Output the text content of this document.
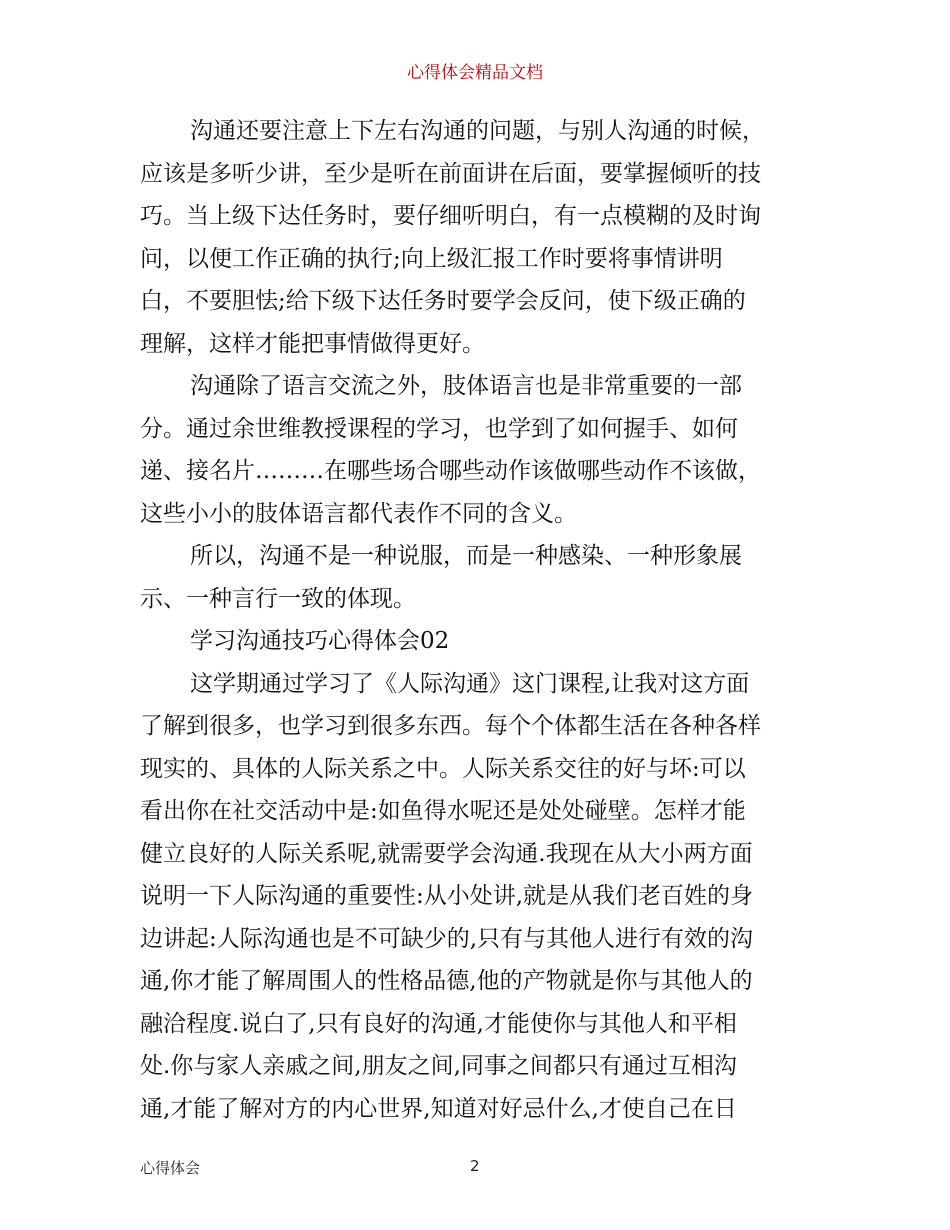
心得体会精品文档
沟通还要注意上下左右沟通的问题，与别人沟通的时候，
应该是多听少讲，至少是听在前面讲在后面，要掌握倾听的技
巧。当上级下达任务时，要仔细听明白，有一点模糊的及时询
问，以便工作正确的执行;向上级汇报工作时要将事情讲明
白，不要胆怯;给下级下达任务时要学会反问，使下级正确的
理解，这样才能把事情做得更好。
沟通除了语言交流之外，肢体语言也是非常重要的一部
分。通过余世维教授课程的学习，也学到了如何握手、如何
递、接名片………在哪些场合哪些动作该做哪些动作不该做，
这些小小的肢体语言都代表作不同的含义。
所以，沟通不是一种说服，而是一种感染、一种形象展
示、一种言行一致的体现。
学习沟通技巧心得体会02
这学期通过学习了《人际沟通》这门课程,让我对这方面
了解到很多，也学习到很多东西。每个个体都生活在各种各样
现实的、具体的人际关系之中。人际关系交往的好与坏:可以
看出你在社交活动中是:如鱼得水呢还是处处碰壁。怎样才能
健立良好的人际关系呢,就需要学会沟通.我现在从大小两方面
说明一下人际沟通的重要性:从小处讲,就是从我们老百姓的身
边讲起:人际沟通也是不可缺少的,只有与其他人进行有效的沟
通,你才能了解周围人的性格品德,他的产物就是你与其他人的
融洽程度.说白了,只有良好的沟通,才能使你与其他人和平相
处.你与家人亲戚之间,朋友之间,同事之间都只有通过互相沟
通,才能了解对方的内心世界,知道对好忌什么,才使自己在日
心得体会	2
